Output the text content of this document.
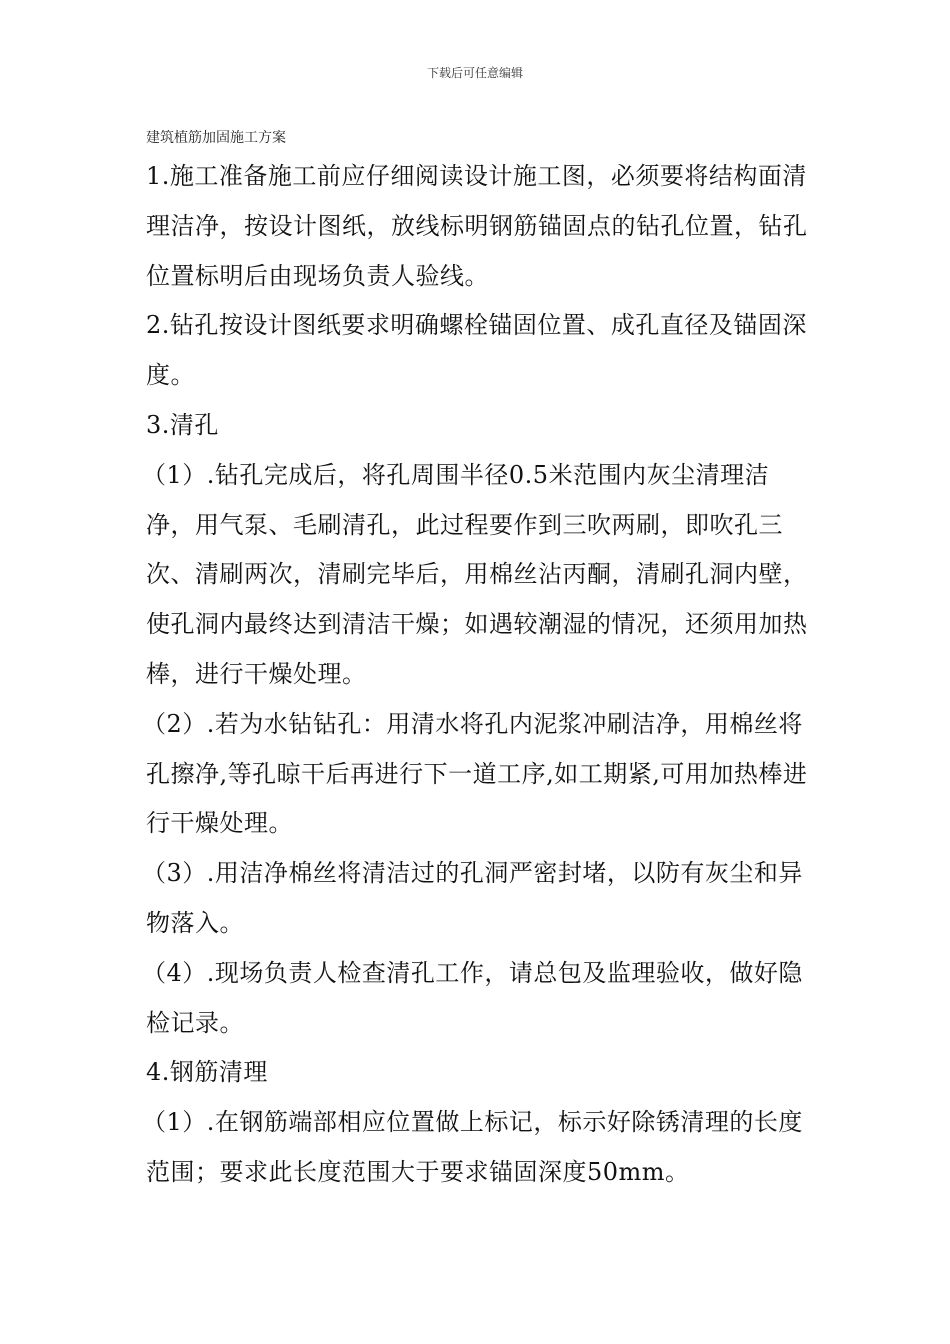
下载后可任意编辑
建筑植筋加固施工方案

1.施工准备施工前应仔细阅读设计施工图，必须要将结构面清理洁净，按设计图纸，放线标明钢筋锚固点的钻孔位置，钻孔位置标明后由现场负责人验线。

2.钻孔按设计图纸要求明确螺栓锚固位置、成孔直径及锚固深度。

3.清孔

（1）.钻孔完成后，将孔周围半径0.5米范围内灰尘清理洁净，用气泵、毛刷清孔，此过程要作到三吹两刷，即吹孔三次、清刷两次，清刷完毕后，用棉丝沾丙酮，清刷孔洞内壁，使孔洞内最终达到清洁干燥；如遇较潮湿的情况，还须用加热棒，进行干燥处理。

（2）.若为水钻钻孔：用清水将孔内泥浆冲刷洁净，用棉丝将孔擦净,等孔晾干后再进行下一道工序,如工期紧,可用加热棒进行干燥处理。

（3）.用洁净棉丝将清洁过的孔洞严密封堵，以防有灰尘和异物落入。

（4）.现场负责人检查清孔工作，请总包及监理验收，做好隐检记录。

4.钢筋清理

（1）.在钢筋端部相应位置做上标记，标示好除锈清理的长度范围；要求此长度范围大于要求锚固深度50mm。
